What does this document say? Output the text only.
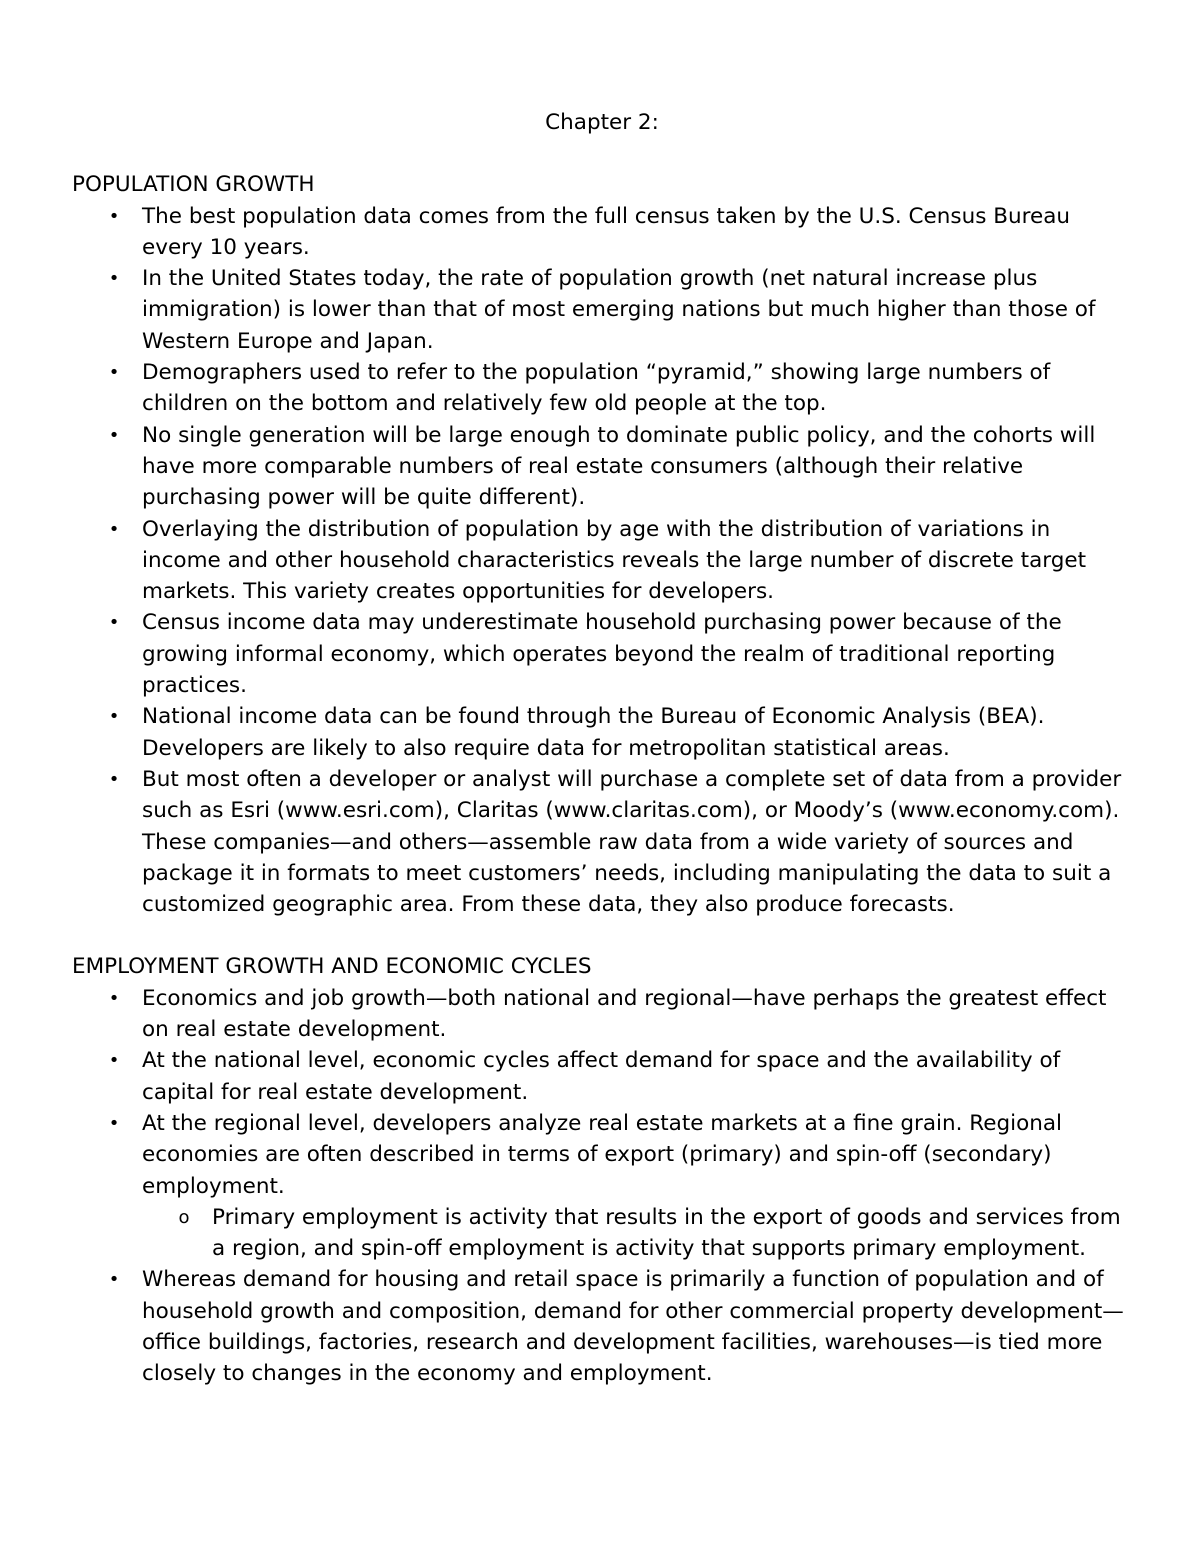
Chapter 2:
POPULATION GROWTH
• The best population data comes from the full census taken by the U.S. Census Bureau every 10 years.
• In the United States today, the rate of population growth (net natural increase plus immigration) is lower than that of most emerging nations but much higher than those of Western Europe and Japan.
• Demographers used to refer to the population “pyramid,” showing large numbers of children on the bottom and relatively few old people at the top.
• No single generation will be large enough to dominate public policy, and the cohorts will have more comparable numbers of real estate consumers (although their relative purchasing power will be quite different).
• Overlaying the distribution of population by age with the distribution of variations in income and other household characteristics reveals the large number of discrete target markets. This variety creates opportunities for developers.
• Census income data may underestimate household purchasing power because of the growing informal economy, which operates beyond the realm of traditional reporting practices.
• National income data can be found through the Bureau of Economic Analysis (BEA). Developers are likely to also require data for metropolitan statistical areas.
• But most often a developer or analyst will purchase a complete set of data from a provider such as Esri (www.esri.com), Claritas (www.claritas.com), or Moody’s (www.economy.com). These companies—and others—assemble raw data from a wide variety of sources and package it in formats to meet customers’ needs, including manipulating the data to suit a customized geographic area. From these data, they also produce forecasts.
EMPLOYMENT GROWTH AND ECONOMIC CYCLES
• Economics and job growth—both national and regional—have perhaps the greatest effect on real estate development.
• At the national level, economic cycles affect demand for space and the availability of capital for real estate development.
• At the regional level, developers analyze real estate markets at a fine grain. Regional economies are often described in terms of export (primary) and spin-off (secondary) employment.
o Primary employment is activity that results in the export of goods and services from a region, and spin-off employment is activity that supports primary employment.
• Whereas demand for housing and retail space is primarily a function of population and of household growth and composition, demand for other commercial property development—office buildings, factories, research and development facilities, warehouses—is tied more closely to changes in the economy and employment.
